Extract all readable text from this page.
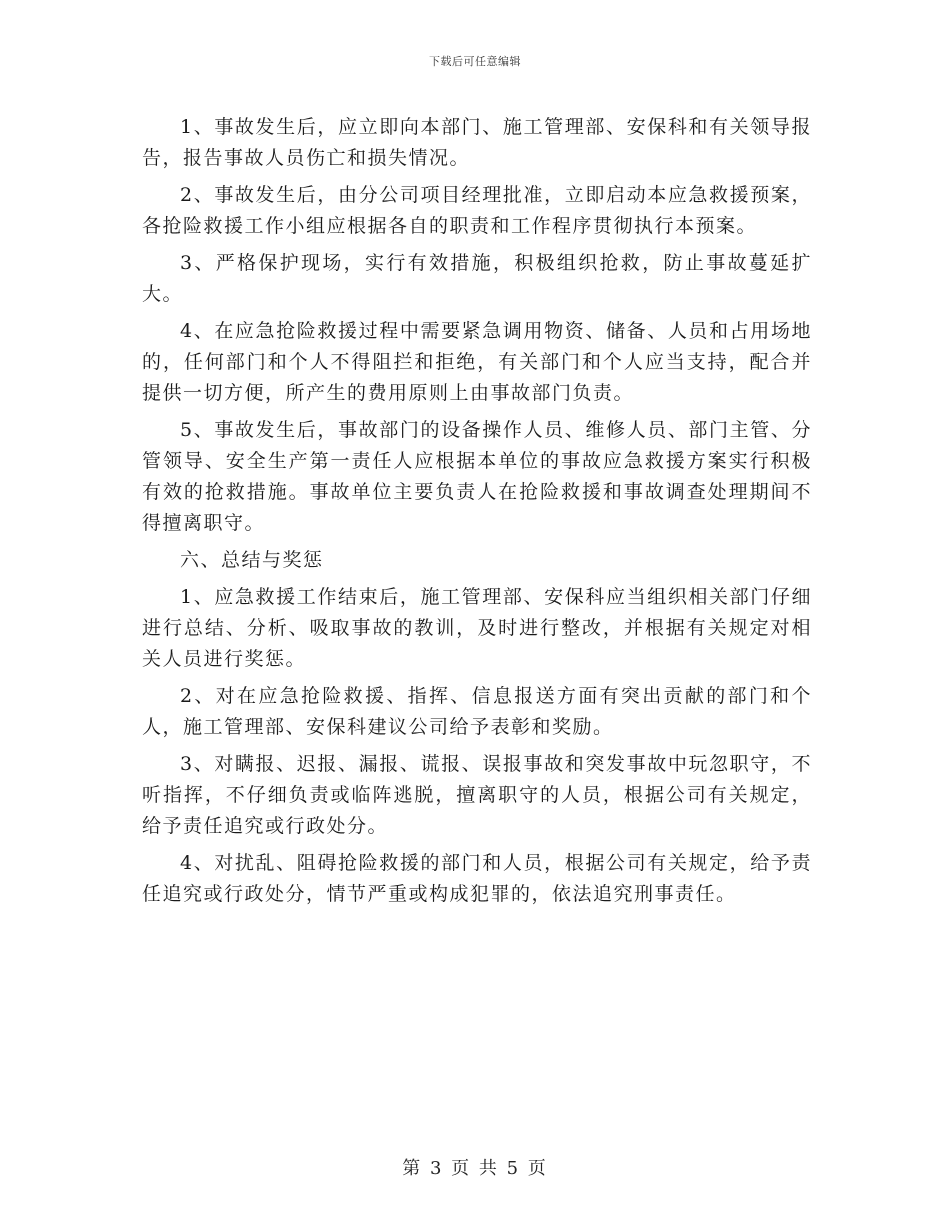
下载后可任意编辑

1、事故发生后，应立即向本部门、施工管理部、安保科和有关领导报告，报告事故人员伤亡和损失情况。

2、事故发生后，由分公司项目经理批准，立即启动本应急救援预案，各抢险救援工作小组应根据各自的职责和工作程序贯彻执行本预案。

3、严格保护现场，实行有效措施，积极组织抢救，防止事故蔓延扩大。

4、在应急抢险救援过程中需要紧急调用物资、储备、人员和占用场地的，任何部门和个人不得阻拦和拒绝，有关部门和个人应当支持，配合并提供一切方便，所产生的费用原则上由事故部门负责。

5、事故发生后，事故部门的设备操作人员、维修人员、部门主管、分管领导、安全生产第一责任人应根据本单位的事故应急救援方案实行积极有效的抢救措施。事故单位主要负责人在抢险救援和事故调查处理期间不得擅离职守。

六、总结与奖惩

1、应急救援工作结束后，施工管理部、安保科应当组织相关部门仔细进行总结、分析、吸取事故的教训，及时进行整改，并根据有关规定对相关人员进行奖惩。

2、对在应急抢险救援、指挥、信息报送方面有突出贡献的部门和个人，施工管理部、安保科建议公司给予表彰和奖励。

3、对瞒报、迟报、漏报、谎报、误报事故和突发事故中玩忽职守，不听指挥，不仔细负责或临阵逃脱，擅离职守的人员，根据公司有关规定，给予责任追究或行政处分。

4、对扰乱、阻碍抢险救援的部门和人员，根据公司有关规定，给予责任追究或行政处分，情节严重或构成犯罪的，依法追究刑事责任。

第 3 页 共 5 页
